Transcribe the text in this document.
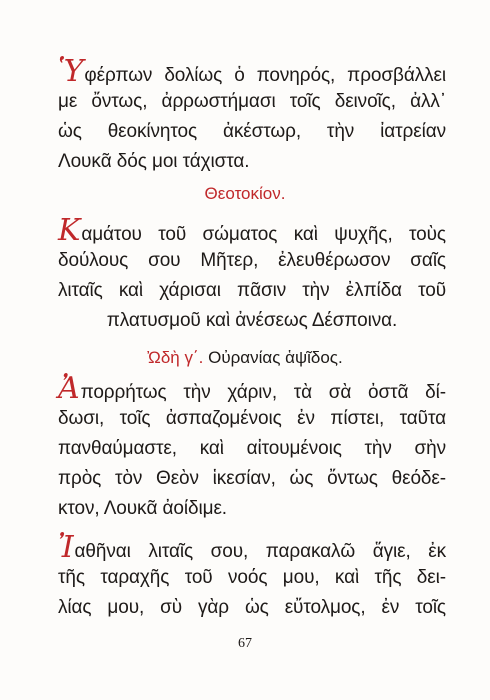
Ὑφέρπων δολίως ὁ πονηρός, προσβάλλει
με ὄντως, ἀρρωστήμασι τοῖς δεινοῖς, ἀλλ᾿
ὡς θεοκίνητος ἀκέστωρ, τὴν ἰατρείαν
Λουκᾶ δός μοι τάχιστα.
Θεοτοκίον.
Καμάτου τοῦ σώματος καὶ ψυχῆς, τοὺς
δούλους σου Μῆτερ, ἐλευθέρωσον σαῖς
λιταῖς καὶ χάρισαι πᾶσιν τὴν ἐλπίδα τοῦ
πλατυσμοῦ καὶ ἀνέσεως Δέσποινα.
Ὠδὴ γ΄. Οὐρανίας ἁψῖδος.
Ἀπορρήτως τὴν χάριν, τὰ σὰ ὀστᾶ δί-
δωσι, τοῖς ἀσπαζομένοις ἐν πίστει, ταῦτα
πανθαύμαστε, καὶ αἰτουμένοις τὴν σὴν
πρὸς τὸν Θεὸν ἱκεσίαν, ὡς ὄντως θεόδε-
κτον, Λουκᾶ ἀοίδιμε.
Ἰαθῆναι λιταῖς σου, παρακαλῶ ἅγιε, ἐκ
τῆς ταραχῆς τοῦ νοός μου, καὶ τῆς δει-
λίας μου, σὺ γὰρ ὡς εὔτολμος, ἐν τοῖς
67
